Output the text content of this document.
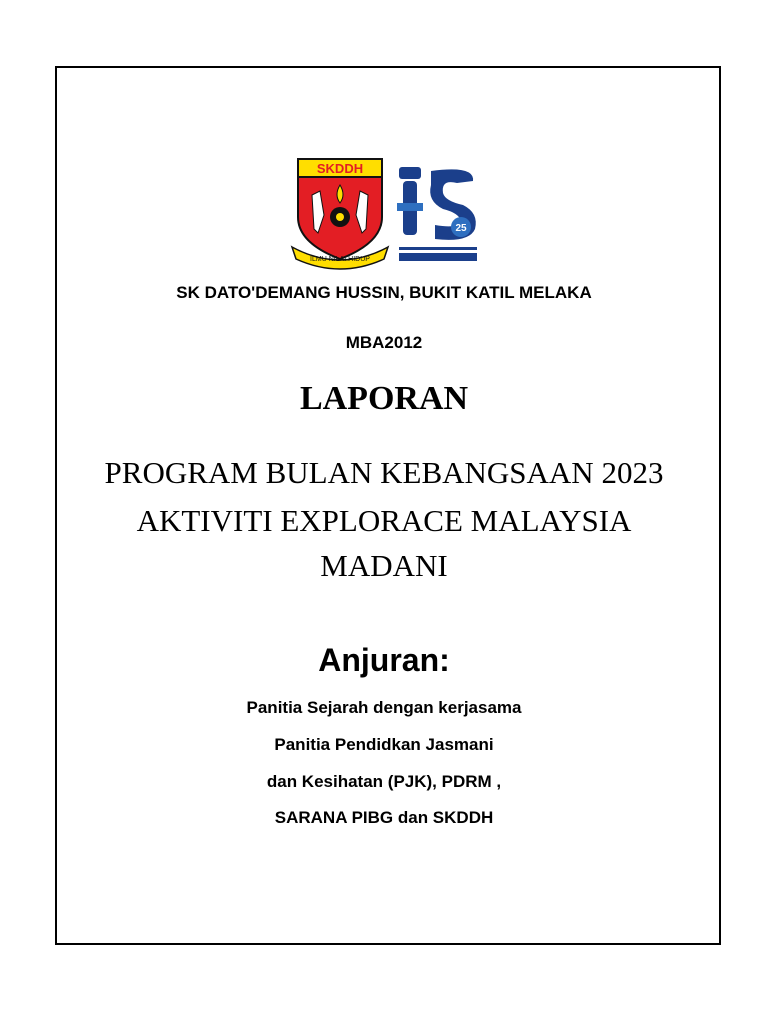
SKDDH
ILMU NILAI HIDUP
25
SK DATO'DEMANG HUSSIN, BUKIT KATIL MELAKA
MBA2012
LAPORAN
PROGRAM BULAN KEBANGSAAN 2023
AKTIVITI EXPLORACE MALAYSIA
MADANI
Anjuran:
Panitia Sejarah dengan kerjasama
Panitia Pendidkan Jasmani
dan Kesihatan (PJK), PDRM ,
SARANA PIBG dan SKDDH
